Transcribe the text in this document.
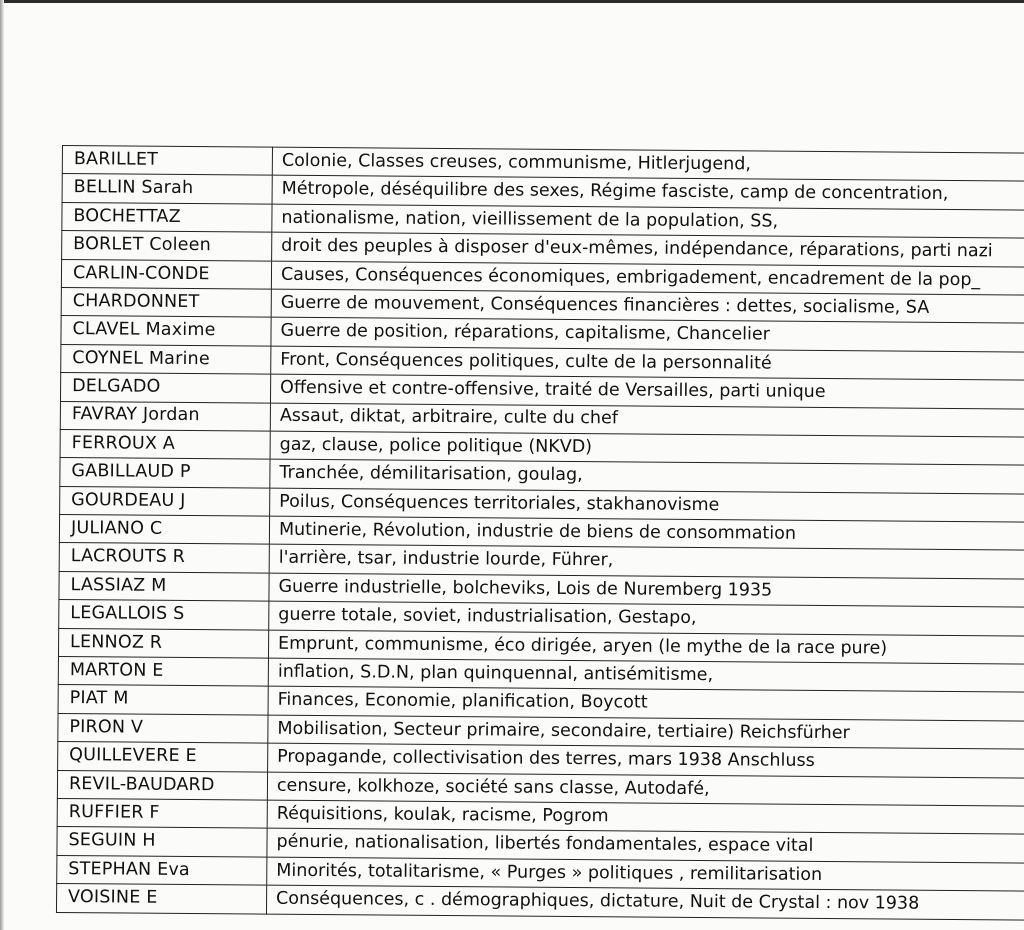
BARILLET	Colonie, Classes creuses, communisme, Hitlerjugend,
BELLIN Sarah	Métropole, déséquilibre des sexes, Régime fasciste, camp de concentration,
BOCHETTAZ	nationalisme, nation, vieillissement de la population, SS,
BORLET Coleen	droit des peuples à disposer d'eux-mêmes, indépendance, réparations, parti nazi
CARLIN-CONDE	Causes, Conséquences économiques, embrigadement, encadrement de la pop_
CHARDONNET	Guerre de mouvement, Conséquences financières : dettes, socialisme, SA
CLAVEL Maxime	Guerre de position, réparations, capitalisme, Chancelier
COYNEL Marine	Front, Conséquences politiques, culte de la personnalité
DELGADO	Offensive et contre-offensive, traité de Versailles, parti unique
FAVRAY Jordan	Assaut, diktat, arbitraire, culte du chef
FERROUX A	gaz, clause, police politique (NKVD)
GABILLAUD P	Tranchée, démilitarisation, goulag,
GOURDEAU J	Poilus, Conséquences territoriales, stakhanovisme
JULIANO C	Mutinerie, Révolution, industrie de biens de consommation
LACROUTS R	l'arrière, tsar, industrie lourde, Führer,
LASSIAZ M	Guerre industrielle, bolcheviks, Lois de Nuremberg 1935
LEGALLOIS S	guerre totale, soviet, industrialisation, Gestapo,
LENNOZ R	Emprunt, communisme, éco dirigée, aryen (le mythe de la race pure)
MARTON E	inflation, S.D.N, plan quinquennal, antisémitisme,
PIAT M	Finances, Economie, planification, Boycott
PIRON V	Mobilisation, Secteur primaire, secondaire, tertiaire) Reichsfürher
QUILLEVERE E	Propagande, collectivisation des terres, mars 1938 Anschluss
REVIL-BAUDARD	censure, kolkhoze, société sans classe, Autodafé,
RUFFIER F	Réquisitions, koulak, racisme, Pogrom
SEGUIN H	pénurie, nationalisation, libertés fondamentales, espace vital
STEPHAN Eva	Minorités, totalitarisme, « Purges » politiques , remilitarisation
VOISINE E	Conséquences, c . démographiques, dictature, Nuit de Crystal : nov 1938
